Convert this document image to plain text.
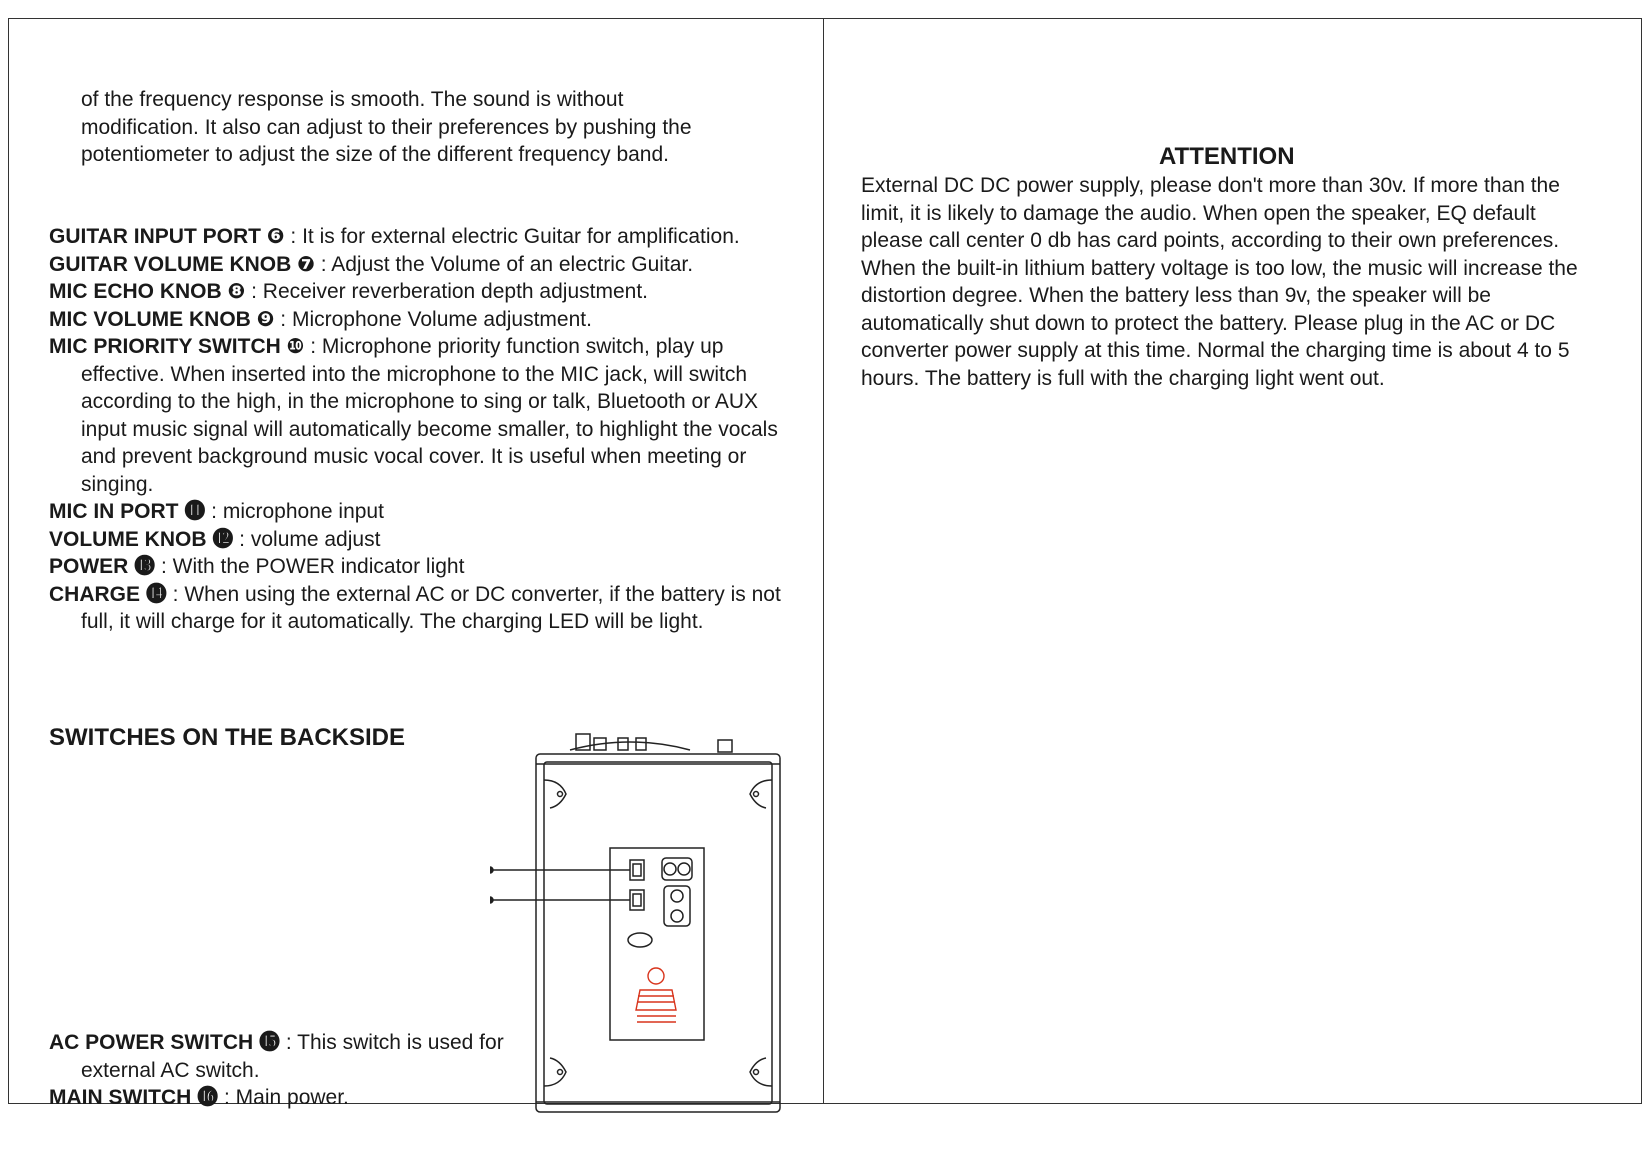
of the frequency response is smooth. The sound is without
modification. It also can adjust to their preferences by pushing the
potentiometer to adjust the size of the different frequency band.
GUITAR INPUT PORT ❻ : It is for external electric Guitar for amplification.
GUITAR VOLUME KNOB ❼ : Adjust the Volume of an electric Guitar.
MIC ECHO KNOB ❽ : Receiver reverberation depth adjustment.
MIC VOLUME KNOB ❾ : Microphone Volume adjustment.
MIC PRIORITY SWITCH ❿ : Microphone priority function switch, play up effective. When inserted into the microphone to the MIC jack, will switch according to the high, in the microphone to sing or talk, Bluetooth or AUX input music signal will automatically become smaller, to highlight the vocals and prevent background music vocal cover. It is useful when meeting or singing.
MIC IN PORT ⓫ : microphone input
VOLUME KNOB ⓬ : volume adjust
POWER ⓭ : With the POWER indicator light
CHARGE ⓮ : When using the external AC or DC converter, if the battery is not full, it will charge for it automatically. The charging LED will be light.
SWITCHES ON THE BACKSIDE
AC POWER SWITCH ⓯ : This switch is used for external AC switch.
MAIN SWITCH ⓰ : Main power.
ATTENTION
External DC DC power supply, please don't more than 30v. If more than the limit, it is likely to damage the audio. When open the speaker, EQ default please call center 0 db has card points, according to their own preferences. When the built-in lithium battery voltage is too low, the music will increase the distortion degree. When the battery less than 9v, the speaker will be automatically shut down to protect the battery. Please plug in the AC or DC converter power supply at this time. Normal the charging time is about 4 to 5 hours. The battery is full with the charging light went out.
